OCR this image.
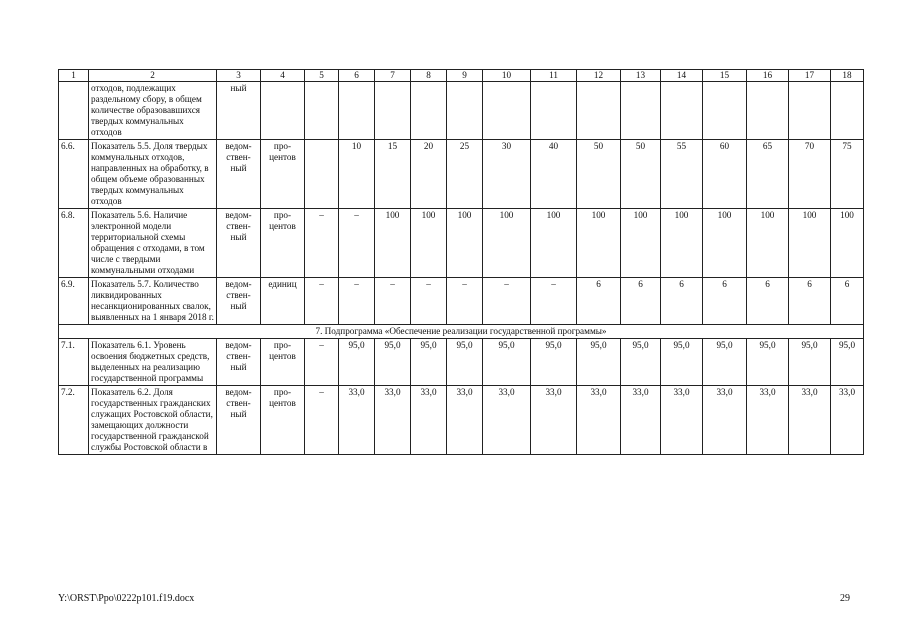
1	2	3	4	5	6	7	8	9	10	11	12	13	14	15	16	17	18
	отходов, подлежащих раздельному сбору, в общем количестве образовавшихся твердых коммунальных отходов	ный															
6.6.	Показатель 5.5. Доля твердых коммунальных отходов, направленных на обработку, в общем объеме образованных твердых коммунальных отходов	ведом- ствен- ный	про- центов		10	15	20	25	30	40	50	50	55	60	65	70	75
6.8.	Показатель 5.6. Наличие электронной модели территориальной схемы обращения с отходами, в том числе с твердыми коммунальными отходами	ведом- ствен- ный	про- центов	–	–	100	100	100	100	100	100	100	100	100	100	100	100
6.9.	Показатель 5.7. Количество ликвидированных несанкционированных свалок, выявленных на 1 января 2018 г.	ведом- ствен- ный	единиц	–	–	–	–	–	–	–	6	6	6	6	6	6	6
7. Подпрограмма «Обеспечение реализации государственной программы»																	
7.1.	Показатель 6.1. Уровень освоения бюджетных средств, выделенных на реализацию государственной программы	ведом- ствен- ный	про- центов	–	95,0	95,0	95,0	95,0	95,0	95,0	95,0	95,0	95,0	95,0	95,0	95,0	95,0
7.2.	Показатель 6.2. Доля государственных гражданских служащих Ростовской области, замещающих должности государственной гражданской службы Ростовской области в	ведом- ствен- ный	про- центов	–	33,0	33,0	33,0	33,0	33,0	33,0	33,0	33,0	33,0	33,0	33,0	33,0	33,0
Y:\ORST\Ppo\0222p101.f19.docx	29
